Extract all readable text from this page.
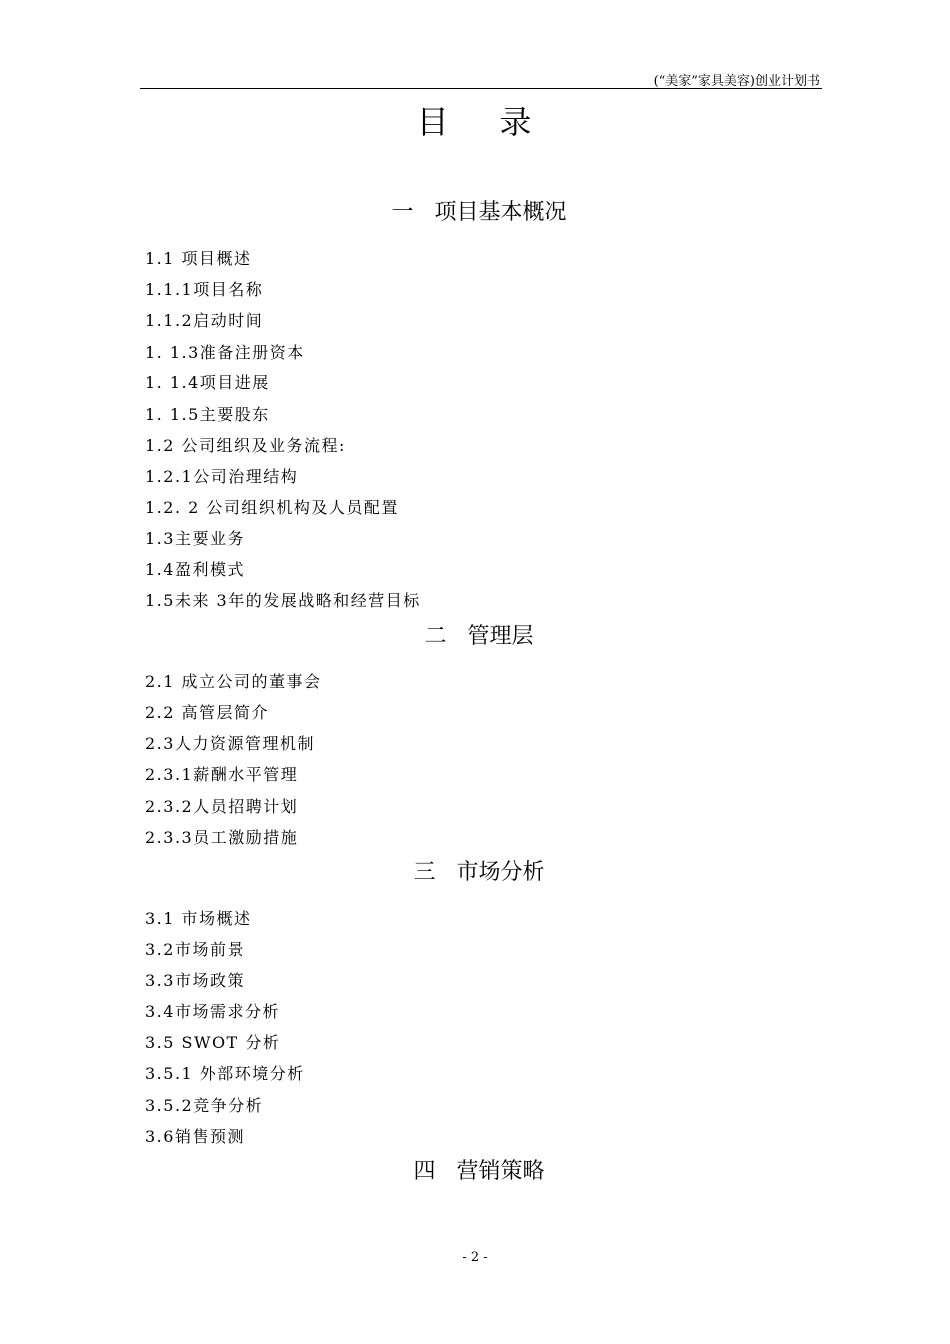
(“美家”家具美容)创业计划书
目    录
一   项目基本概况
1.1 项目概述
1.1.1项目名称
1.1.2启动时间
1. 1.3准备注册资本
1. 1.4项目进展
1. 1.5主要股东
1.2 公司组织及业务流程:
1.2.1公司治理结构
1.2. 2 公司组织机构及人员配置
1.3主要业务
1.4盈利模式
1.5未来 3年的发展战略和经营目标
二   管理层
2.1 成立公司的董事会
2.2 高管层简介
2.3人力资源管理机制
2.3.1薪酬水平管理
2.3.2人员招聘计划
2.3.3员工激励措施
三   市场分析
3.1 市场概述
3.2市场前景
3.3市场政策
3.4市场需求分析
3.5 SWOT 分析
3.5.1 外部环境分析
3.5.2竞争分析
3.6销售预测
四   营销策略
- 2 -
